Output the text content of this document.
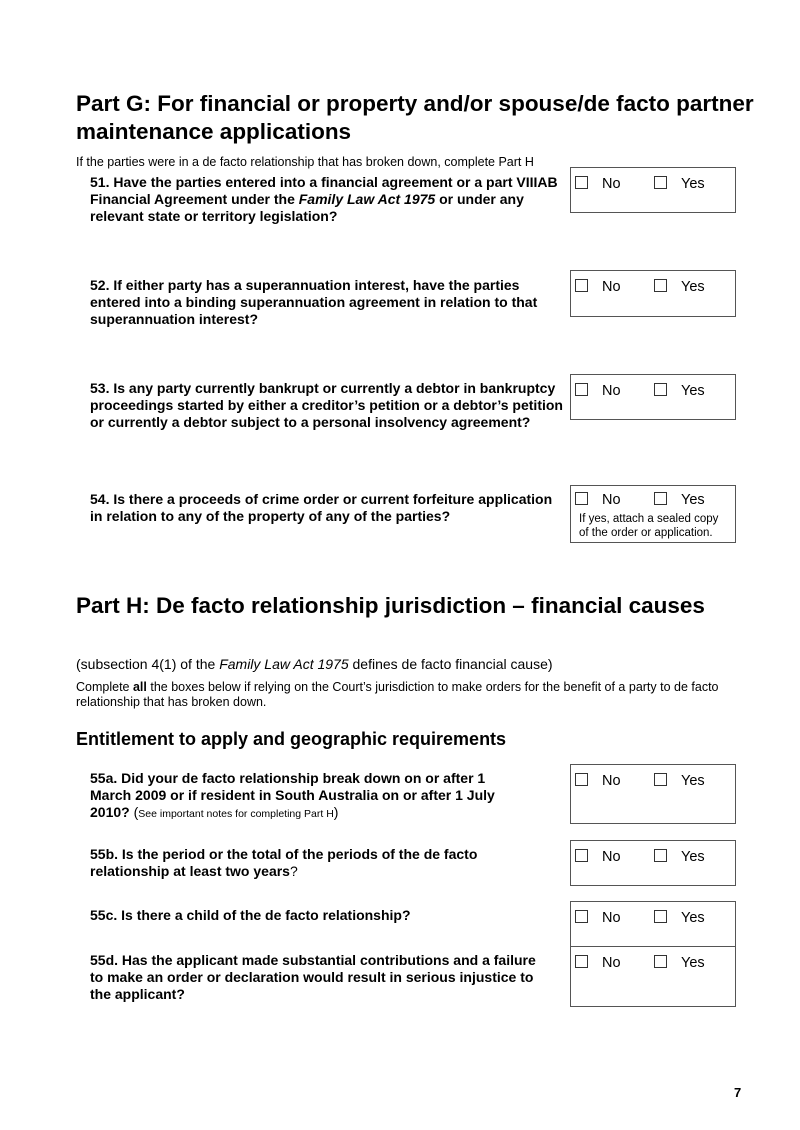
Part G: For financial or property and/or spouse/de facto partner maintenance applications
If the parties were in a de facto relationship that has broken down, complete Part H
51. Have the parties entered into a financial agreement or a part VIIIAB Financial Agreement under the Family Law Act 1975 or under any relevant state or territory legislation?
No	Yes
52. If either party has a superannuation interest, have the parties entered into a binding superannuation agreement in relation to that superannuation interest?
No	Yes
53. Is any party currently bankrupt or currently a debtor in bankruptcy proceedings started by either a creditor’s petition or a debtor’s petition or currently a debtor subject to a personal insolvency agreement?
No	Yes
54. Is there a proceeds of crime order or current forfeiture application in relation to any of the property of any of the parties?
No	Yes
If yes, attach a sealed copy of the order or application.
Part H: De facto relationship jurisdiction – financial causes
(subsection 4(1) of the Family Law Act 1975 defines de facto financial cause)
Complete all the boxes below if relying on the Court’s jurisdiction to make orders for the benefit of a party to de facto relationship that has broken down.
Entitlement to apply and geographic requirements
55a. Did your de facto relationship break down on or after 1 March 2009 or if resident in South Australia on or after 1 July 2010? (See important notes for completing Part H)
No	Yes
55b. Is the period or the total of the periods of the de facto relationship at least two years?
No	Yes
55c. Is there a child of the de facto relationship?	No	Yes
55d. Has the applicant made substantial contributions and a failure to make an order or declaration would result in serious injustice to the applicant?
No	Yes
7
